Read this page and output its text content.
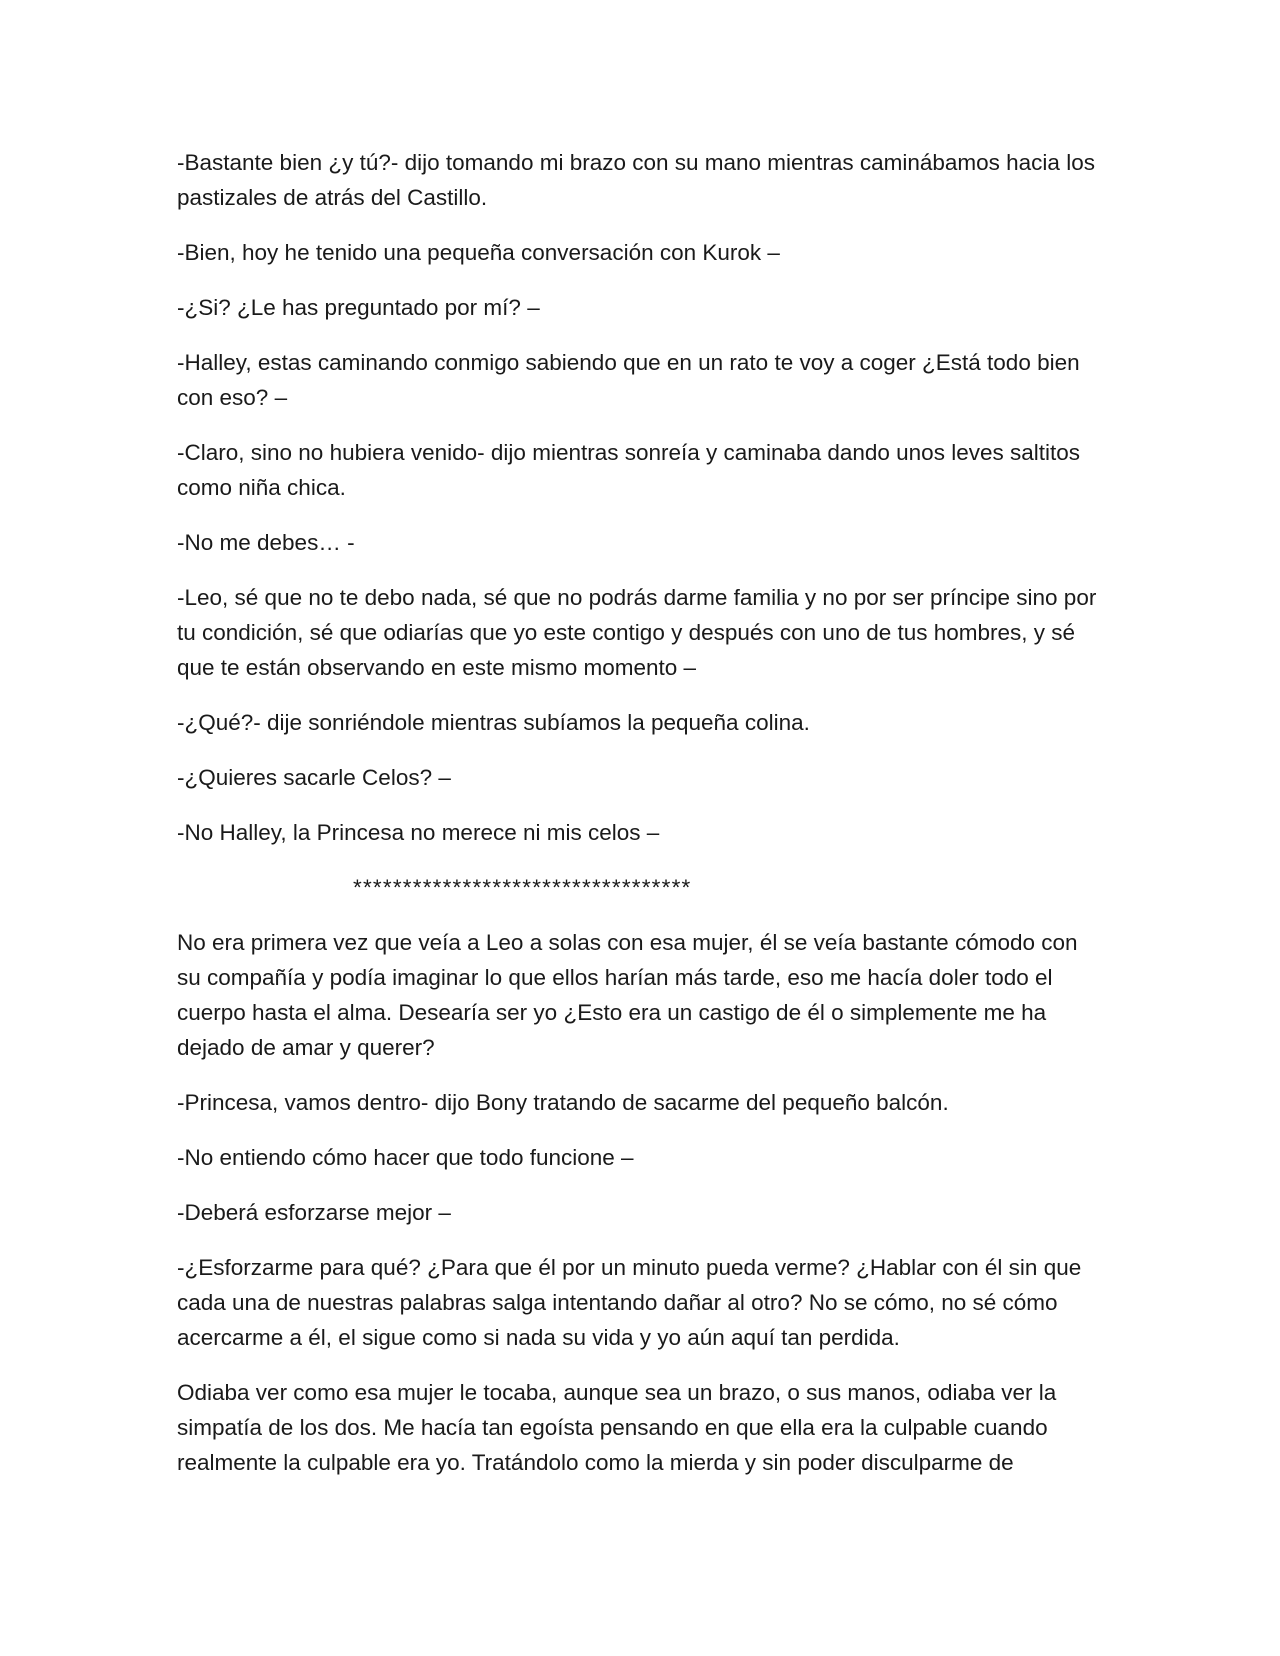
-Bastante bien ¿y tú?- dijo tomando mi brazo con su mano mientras caminábamos hacia los pastizales de atrás del Castillo.

-Bien, hoy he tenido una pequeña conversación con Kurok –

-¿Si? ¿Le has preguntado por mí? –

-Halley, estas caminando conmigo sabiendo que en un rato te voy a coger ¿Está todo bien con eso? –

-Claro, sino no hubiera venido- dijo mientras sonreía y caminaba dando unos leves saltitos como niña chica.

-No me debes… -

-Leo, sé que no te debo nada, sé que no podrás darme familia y no por ser príncipe sino por tu condición, sé que odiarías que yo este contigo y después con uno de tus hombres, y sé que te están observando en este mismo momento –

-¿Qué?- dije sonriéndole mientras subíamos la pequeña colina.

-¿Quieres sacarle Celos? –

-No Halley, la Princesa no merece ni mis celos –

**********************************

No era primera vez que veía a Leo a solas con esa mujer, él se veía bastante cómodo con su compañía y podía imaginar lo que ellos harían más tarde, eso me hacía doler todo el cuerpo hasta el alma. Desearía ser yo ¿Esto era un castigo de él o simplemente me ha dejado de amar y querer?

-Princesa, vamos dentro- dijo Bony tratando de sacarme del pequeño balcón.

-No entiendo cómo hacer que todo funcione –

-Deberá esforzarse mejor –

-¿Esforzarme para qué? ¿Para que él por un minuto pueda verme? ¿Hablar con él sin que cada una de nuestras palabras salga intentando dañar al otro? No se cómo, no sé cómo acercarme a él, el sigue como si nada su vida y yo aún aquí tan perdida.

Odiaba ver como esa mujer le tocaba, aunque sea un brazo, o sus manos, odiaba ver la simpatía de los dos. Me hacía tan egoísta pensando en que ella era la culpable cuando realmente la culpable era yo. Tratándolo como la mierda y sin poder disculparme de
